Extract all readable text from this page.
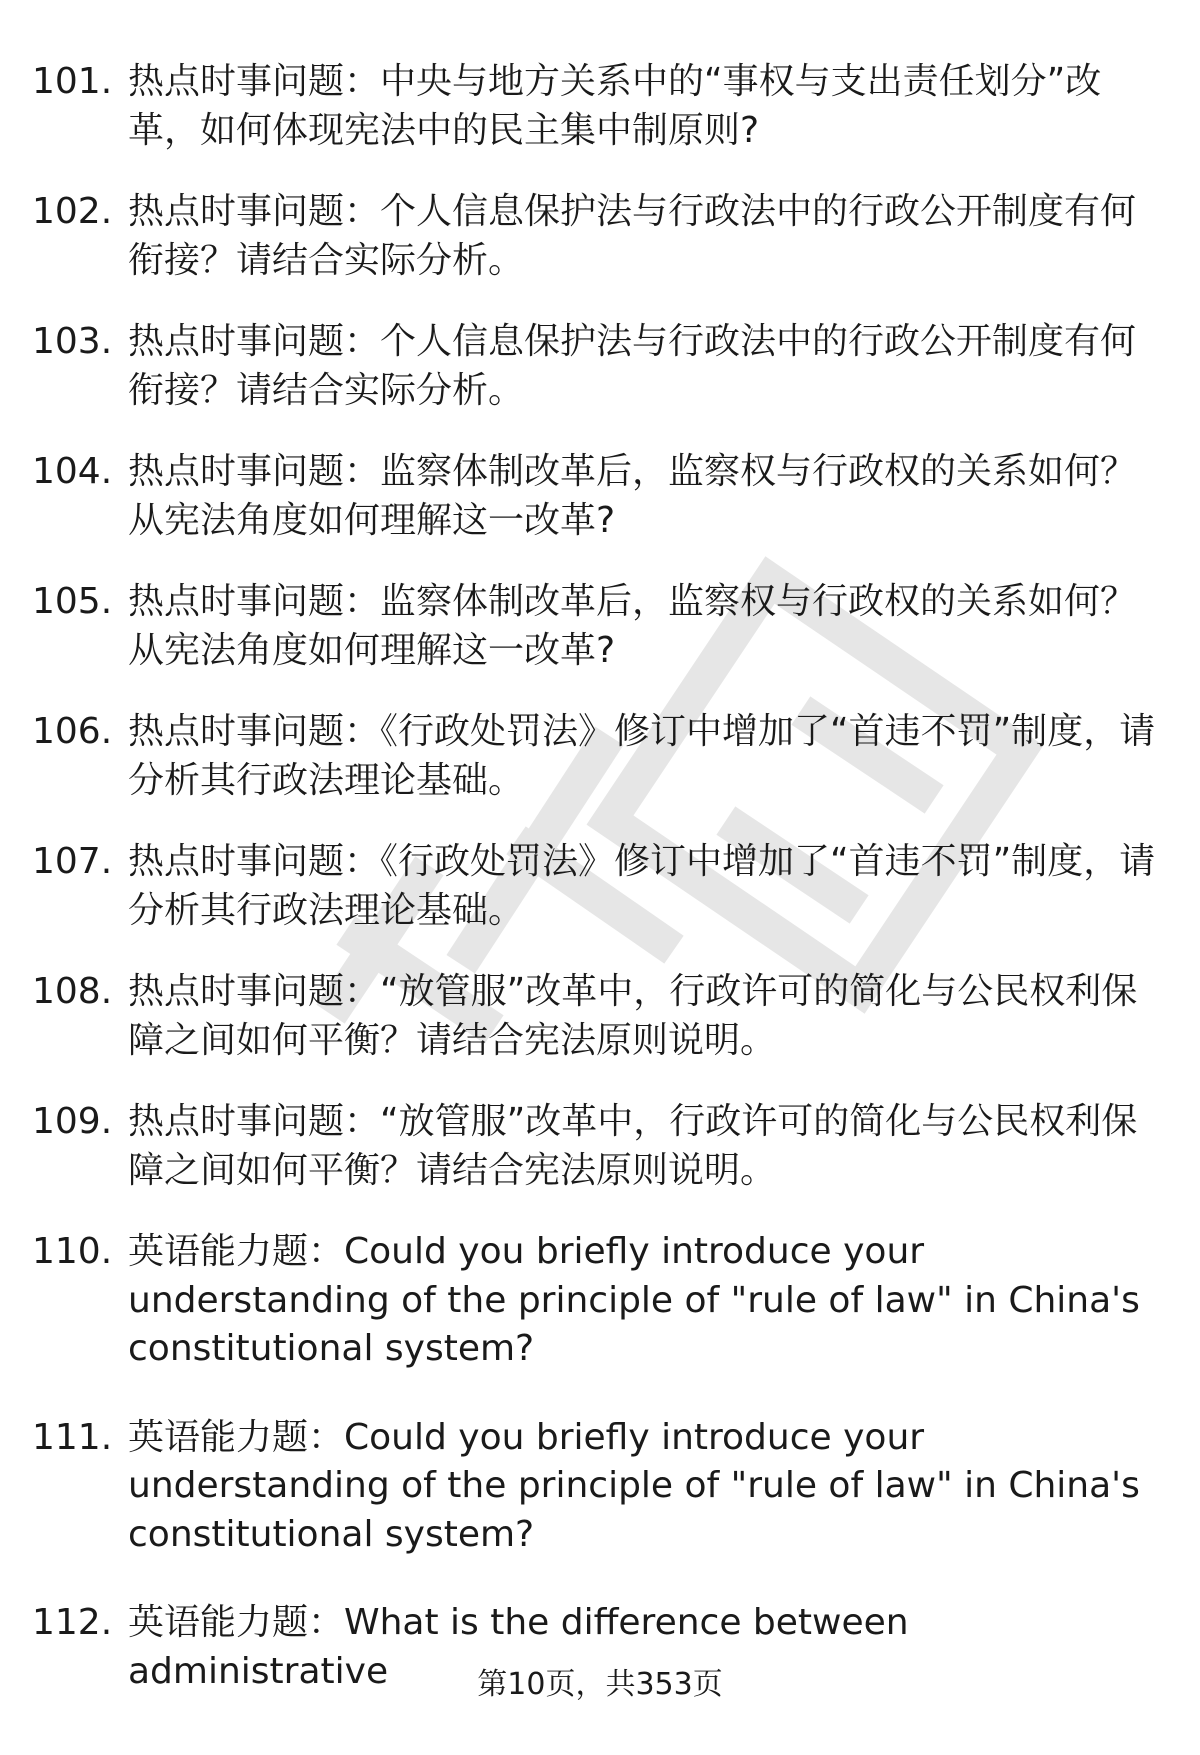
101. 热点时事问题：中央与地方关系中的“事权与支出责任划分”改革，如何体现宪法中的民主集中制原则?
102. 热点时事问题：个人信息保护法与行政法中的行政公开制度有何衔接？请结合实际分析。
103. 热点时事问题：个人信息保护法与行政法中的行政公开制度有何衔接？请结合实际分析。
104. 热点时事问题：监察体制改革后，监察权与行政权的关系如何？从宪法角度如何理解这一改革?
105. 热点时事问题：监察体制改革后，监察权与行政权的关系如何？从宪法角度如何理解这一改革?
106. 热点时事问题：《行政处罚法》修订中增加了“首违不罚”制度，请分析其行政法理论基础。
107. 热点时事问题：《行政处罚法》修订中增加了“首违不罚”制度，请分析其行政法理论基础。
108. 热点时事问题：“放管服”改革中，行政许可的简化与公民权利保障之间如何平衡？请结合宪法原则说明。
109. 热点时事问题：“放管服”改革中，行政许可的简化与公民权利保障之间如何平衡？请结合宪法原则说明。
110. 英语能力题：Could you briefly introduce your understanding of the principle of "rule of law" in China's constitutional system?
111. 英语能力题：Could you briefly introduce your understanding of the principle of "rule of law" in China's constitutional system?
112. 英语能力题：What is the difference between administrative	第10页，共353页
